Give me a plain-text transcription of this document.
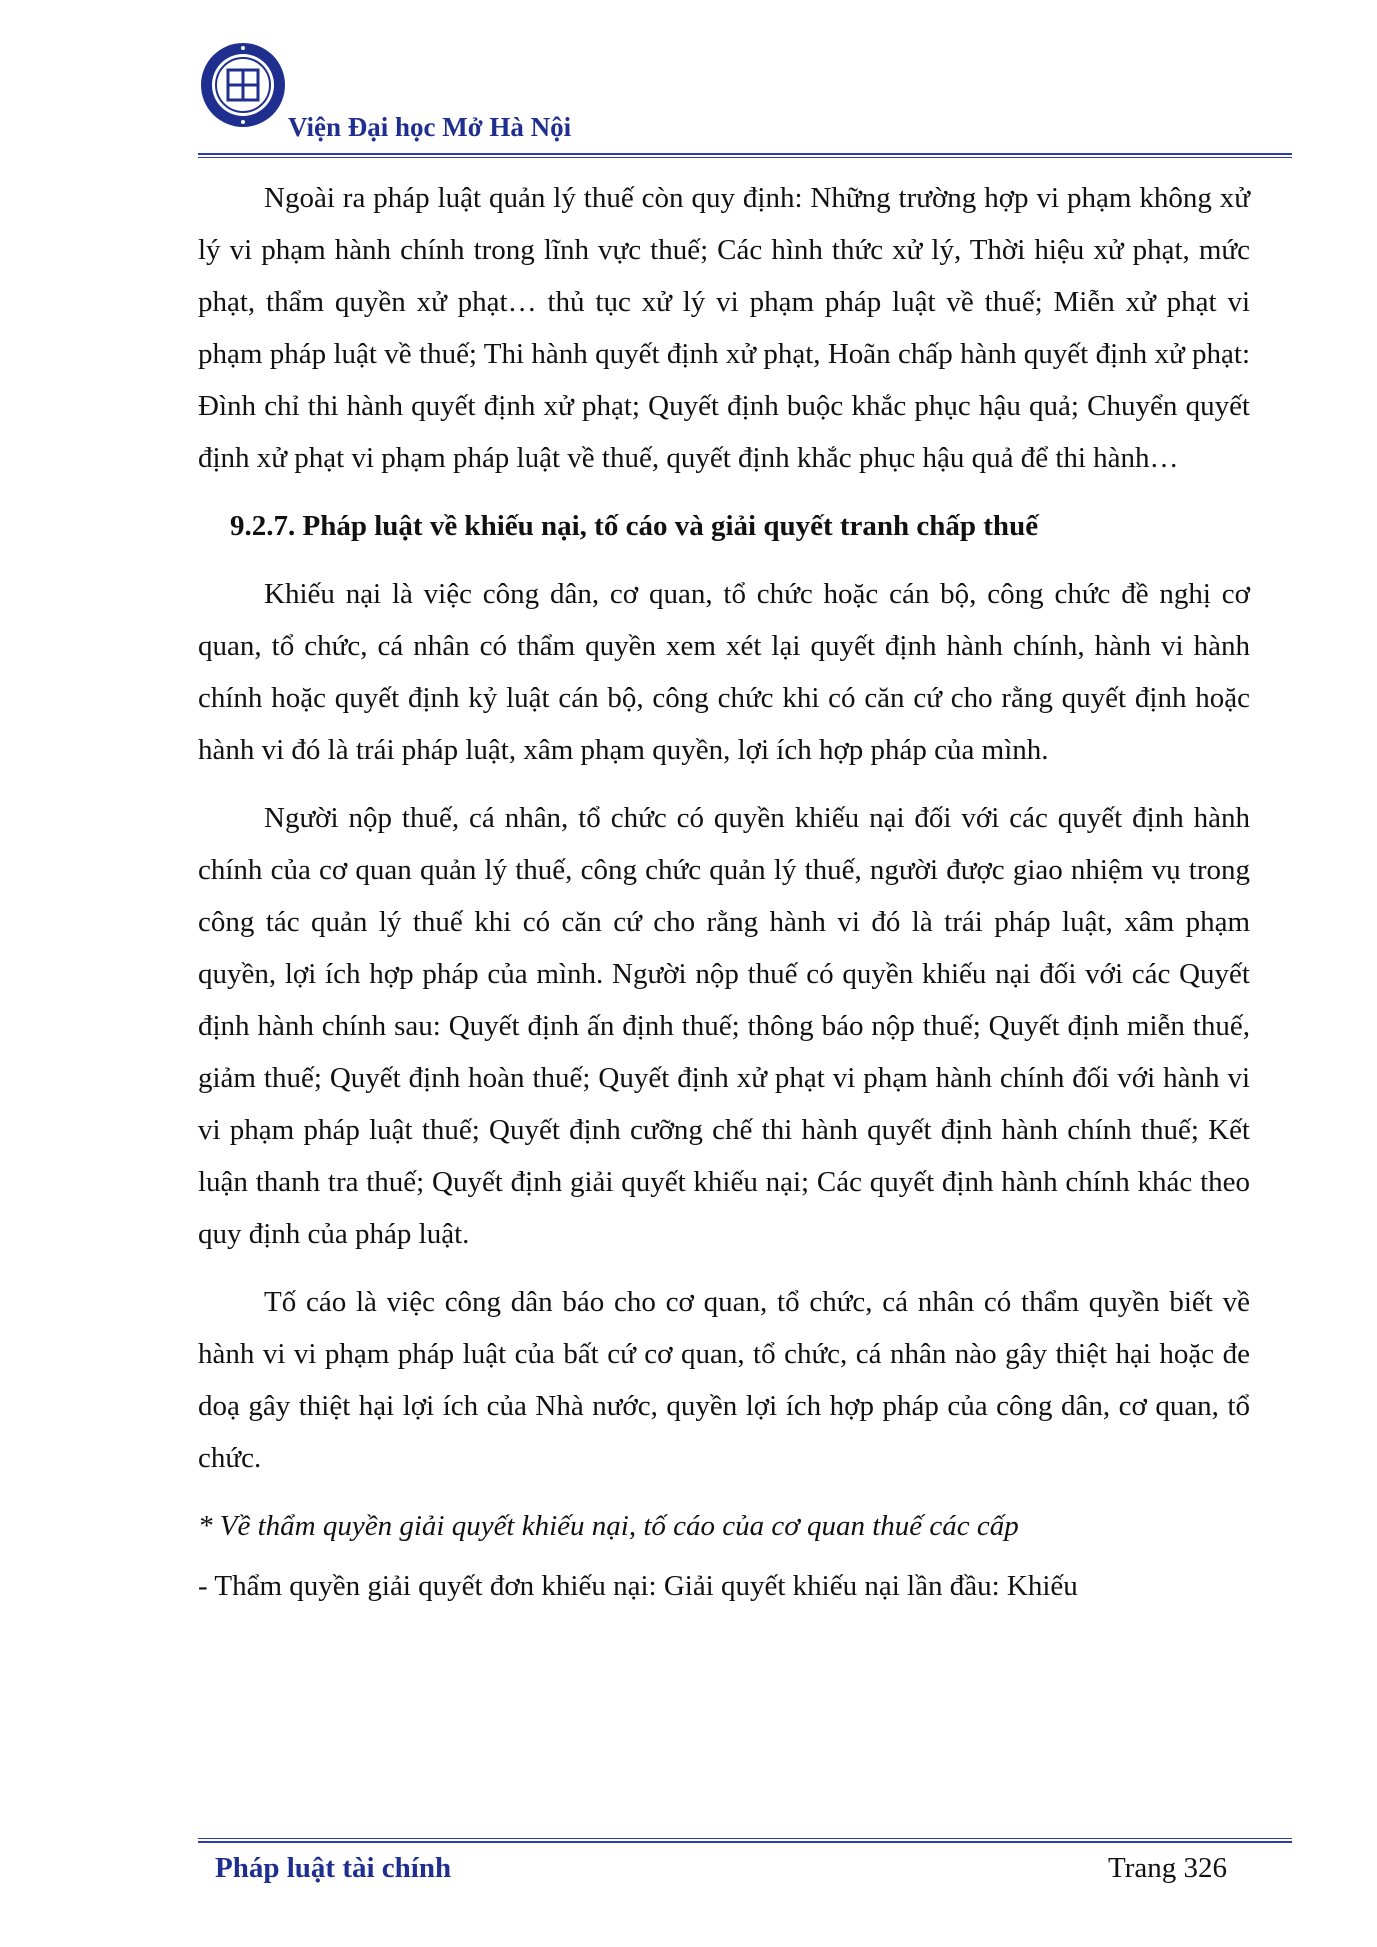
Viện Đại học Mở Hà Nội

Ngoài ra pháp luật quản lý thuế còn quy định: Những trường hợp vi phạm không xử lý vi phạm hành chính trong lĩnh vực thuế; Các hình thức xử lý, Thời hiệu xử phạt, mức phạt, thẩm quyền xử phạt… thủ tục xử lý vi phạm pháp luật về thuế; Miễn xử phạt vi phạm pháp luật về thuế; Thi hành quyết định xử phạt, Hoãn chấp hành quyết định xử phạt: Đình chỉ thi hành quyết định xử phạt; Quyết định buộc khắc phục hậu quả; Chuyển quyết định xử phạt vi phạm pháp luật về thuế, quyết định khắc phục hậu quả để thi hành…

9.2.7. Pháp luật về khiếu nại, tố cáo và giải quyết tranh chấp thuế

Khiếu nại là việc công dân, cơ quan, tổ chức hoặc cán bộ, công chức đề nghị cơ quan, tổ chức, cá nhân có thẩm quyền xem xét lại quyết định hành chính, hành vi hành chính hoặc quyết định kỷ luật cán bộ, công chức khi có căn cứ cho rằng quyết định hoặc hành vi đó là trái pháp luật, xâm phạm quyền, lợi ích hợp pháp của mình.

Người nộp thuế, cá nhân, tổ chức có quyền khiếu nại đối với các quyết định hành chính của cơ quan quản lý thuế, công chức quản lý thuế, người được giao nhiệm vụ trong công tác quản lý thuế khi có căn cứ cho rằng hành vi đó là trái pháp luật, xâm phạm quyền, lợi ích hợp pháp của mình. Người nộp thuế có quyền khiếu nại đối với các Quyết định hành chính sau: Quyết định ấn định thuế; thông báo nộp thuế; Quyết định miễn thuế, giảm thuế; Quyết định hoàn thuế; Quyết định xử phạt vi phạm hành chính đối với hành vi vi phạm pháp luật thuế; Quyết định cưỡng chế thi hành quyết định hành chính thuế; Kết luận thanh tra thuế; Quyết định giải quyết khiếu nại; Các quyết định hành chính khác theo quy định của pháp luật.

Tố cáo là việc công dân báo cho cơ quan, tổ chức, cá nhân có thẩm quyền biết về hành vi vi phạm pháp luật của bất cứ cơ quan, tổ chức, cá nhân nào gây thiệt hại hoặc đe doạ gây thiệt hại lợi ích của Nhà nước, quyền lợi ích hợp pháp của công dân, cơ quan, tổ chức.

* Về thẩm quyền giải quyết khiếu nại, tố cáo của cơ quan thuế các cấp

- Thẩm quyền giải quyết đơn khiếu nại: Giải quyết khiếu nại lần đầu: Khiếu

Pháp luật tài chính	Trang 326
